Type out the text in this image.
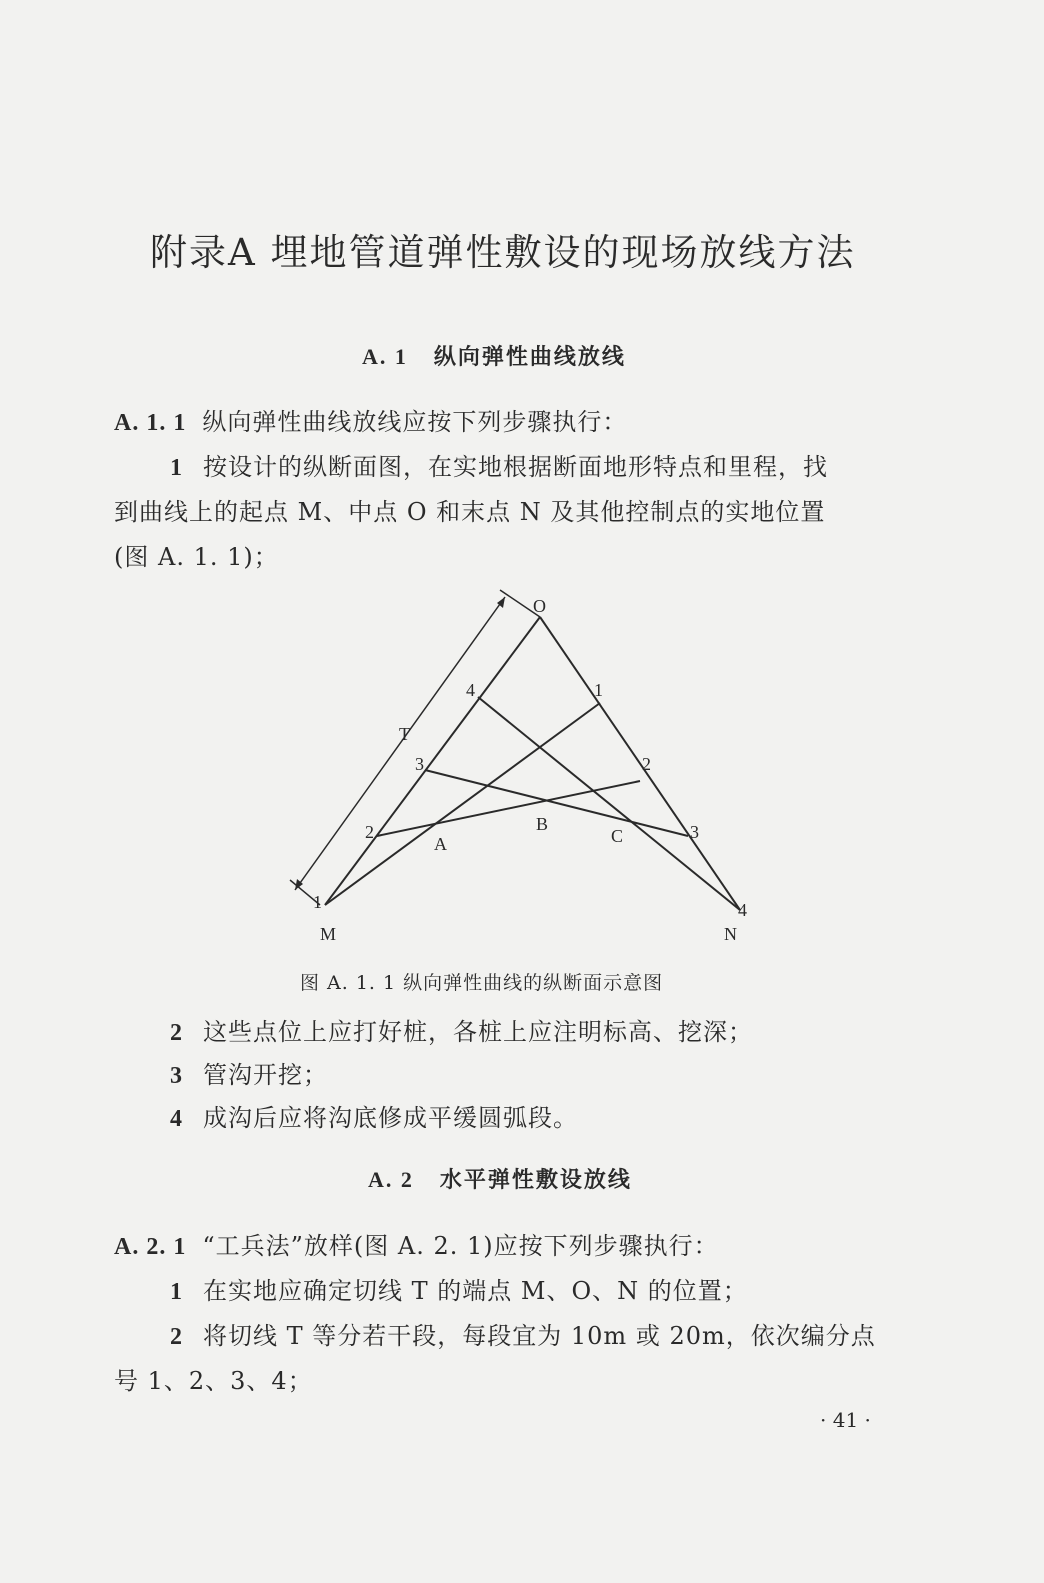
附录A 埋地管道弹性敷设的现场放线方法
A. 1 纵向弹性曲线放线
A. 1. 1 纵向弹性曲线放线应按下列步骤执行：
1 按设计的纵断面图，在实地根据断面地形特点和里程，找
到曲线上的起点 M、中点 O 和末点 N 及其他控制点的实地位置
(图 A. 1. 1)；
O
M	N
T
A
B
C
1
2
3
4	1
2
3
4
图 A. 1. 1 纵向弹性曲线的纵断面示意图
2 这些点位上应打好桩，各桩上应注明标高、挖深；
3 管沟开挖；
4 成沟后应将沟底修成平缓圆弧段。
A. 2 水平弹性敷设放线
A. 2. 1 “工兵法”放样(图 A. 2. 1)应按下列步骤执行：
1 在实地应确定切线 T 的端点 M、O、N 的位置；
2 将切线 T 等分若干段，每段宜为 10m 或 20m，依次编分点
号 1、2、3、4；
· 41 ·
